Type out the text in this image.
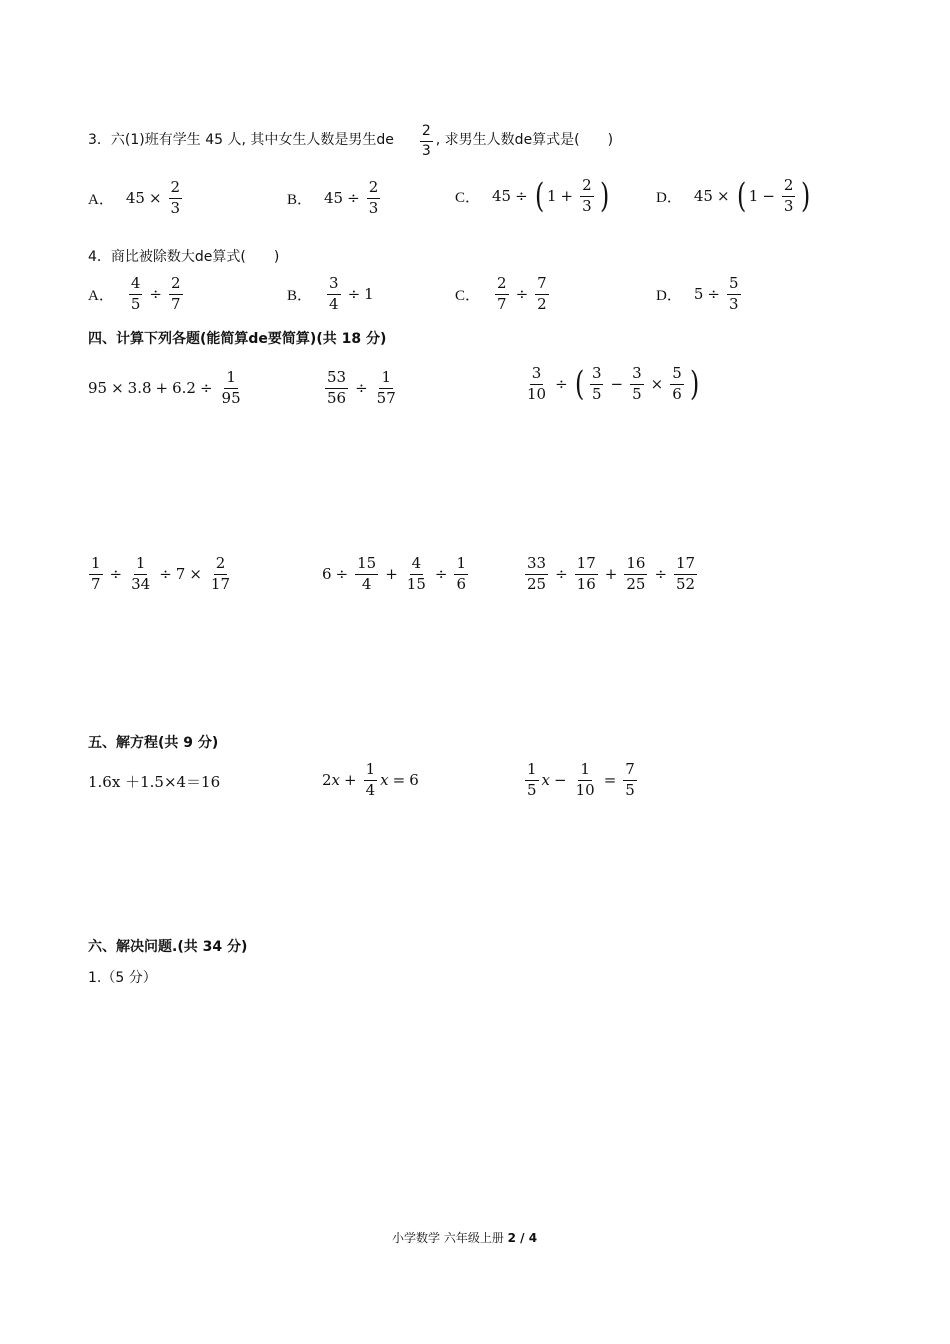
3．六(1)班有学生 45 人, 其中女生人数是男生de $\frac{2}{3}$ , 求男生人数de算式是(　　)
A． $45 \times \frac{2}{3}$	B． $45 \div \frac{2}{3}$	C． 45 ÷ ( $1 + \frac{2}{3}$ )	D． 45 × ( $1 - \frac{2}{3}$ )
4．商比被除数大de算式(　　)
A． $\frac{4}{5} \div \frac{2}{7}$	B． $\frac{3}{4} \div 1$	C． $\frac{2}{7} \div \frac{7}{2}$	D． $5 \div \frac{5}{3}$
四、计算下列各题(能简算de要简算)(共 18 分)
$95 \times 3.8 + 6.2 \div \frac{1}{95}$	$\frac{53}{56} \div \frac{1}{57}$	$\frac{3}{10}$ ÷ ( $\frac{3}{5} - \frac{3}{5} \times \frac{5}{6}$ )
$\frac{1}{7} \div \frac{1}{34} \div 7 \times \frac{2}{17}$	$6 \div \frac{15}{4} + \frac{4}{15} \div \frac{1}{6}$	$\frac{33}{25} \div \frac{17}{16} + \frac{16}{25} \div \frac{17}{52}$
五、解方程(共 9 分)
1.6x ＋1.5×4＝16	2 $x + \frac{1}{4}$ x = 6	$\frac{1}{5}$ $x - \frac{1}{10} = \frac{7}{5}$
六、解决问题.(共 34 分)
1.（5 分）
小学数学 六年级上册 2 / 4
